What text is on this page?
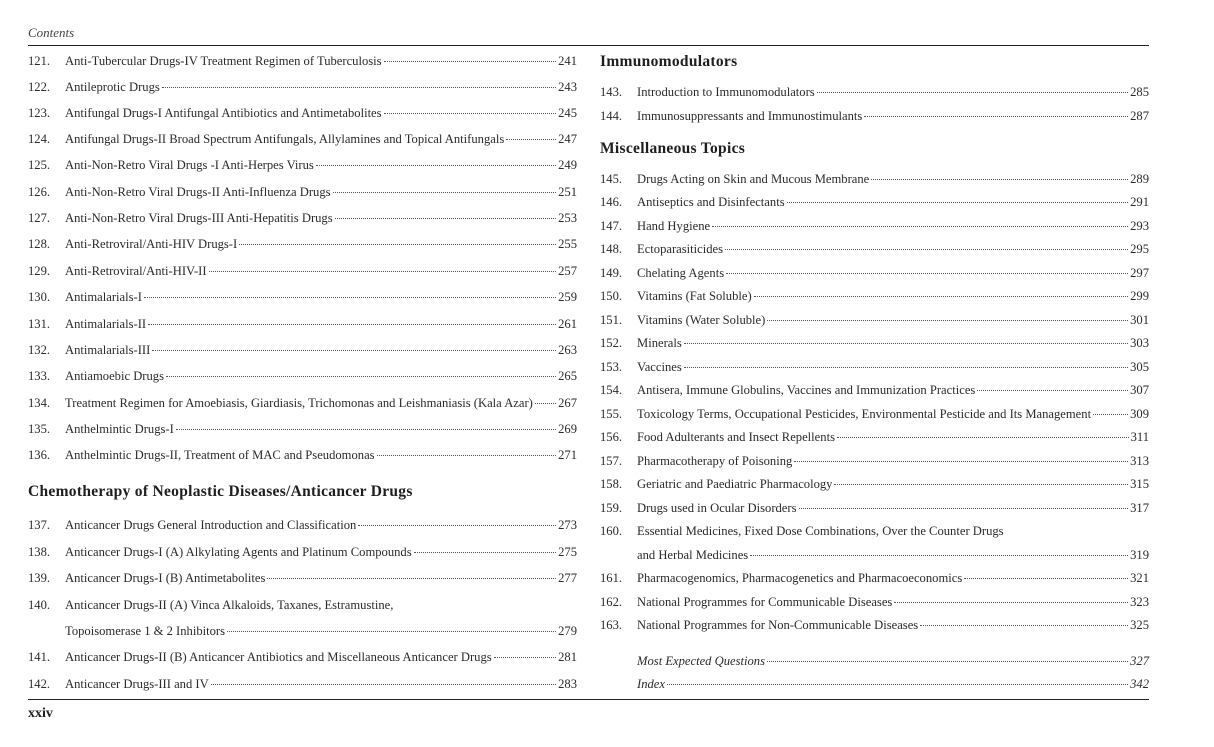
Contents
121.	Anti-Tubercular Drugs-IV Treatment Regimen of Tuberculosis	241
122.	Antileprotic Drugs	243
123.	Antifungal Drugs-I Antifungal Antibiotics and Antimetabolites	245
124.	Antifungal Drugs-II Broad Spectrum Antifungals, Allylamines and Topical Antifungals	247
125.	Anti-Non-Retro Viral Drugs -I Anti-Herpes Virus	249
126.	Anti-Non-Retro Viral Drugs-II Anti-Influenza Drugs	251
127.	Anti-Non-Retro Viral Drugs-III Anti-Hepatitis Drugs	253
128.	Anti-Retroviral/Anti-HIV Drugs-I	255
129.	Anti-Retroviral/Anti-HIV-II	257
130.	Antimalarials-I	259
131.	Antimalarials-II	261
132.	Antimalarials-III	263
133.	Antiamoebic Drugs	265
134.	Treatment Regimen for Amoebiasis, Giardiasis, Trichomonas and Leishmaniasis (Kala Azar) 267
135.	Anthelmintic Drugs-I	269
136.	Anthelmintic Drugs-II, Treatment of MAC and Pseudomonas	271
Chemotherapy of Neoplastic Diseases/Anticancer Drugs
137.	Anticancer Drugs General Introduction and Classification	273
138.	Anticancer Drugs-I (A) Alkylating Agents and Platinum Compounds	275
139.	Anticancer Drugs-I (B) Antimetabolites	277
140.	Anticancer Drugs-II (A) Vinca Alkaloids, Taxanes, Estramustine,
Topoisomerase 1 & 2 Inhibitors	279
141.	Anticancer Drugs-II (B) Anticancer Antibiotics and Miscellaneous Anticancer Drugs	281
142.	Anticancer Drugs-III and IV	283
Immunomodulators
143.	Introduction to Immunomodulators	285
144.	Immunosuppressants and Immunostimulants	287
Miscellaneous Topics
145.	Drugs Acting on Skin and Mucous Membrane	289
146.	Antiseptics and Disinfectants	291
147.	Hand Hygiene	293
148.	Ectoparasiticides	295
149.	Chelating Agents	297
150.	Vitamins (Fat Soluble)	299
151.	Vitamins (Water Soluble)	301
152.	Minerals	303
153.	Vaccines	305
154.	Antisera, Immune Globulins, Vaccines and Immunization Practices	307
155.	Toxicology Terms, Occupational Pesticides, Environmental Pesticide and Its Management	309
156.	Food Adulterants and Insect Repellents	311
157.	Pharmacotherapy of Poisoning	313
158.	Geriatric and Paediatric Pharmacology	315
159.	Drugs used in Ocular Disorders	317
160.	Essential Medicines, Fixed Dose Combinations, Over the Counter Drugs
and Herbal Medicines	319
161.	Pharmacogenomics, Pharmacogenetics and Pharmacoeconomics	321
162.	National Programmes for Communicable Diseases	323
163.	National Programmes for Non-Communicable Diseases	325
Most Expected Questions	327
Index	342
xxiv
